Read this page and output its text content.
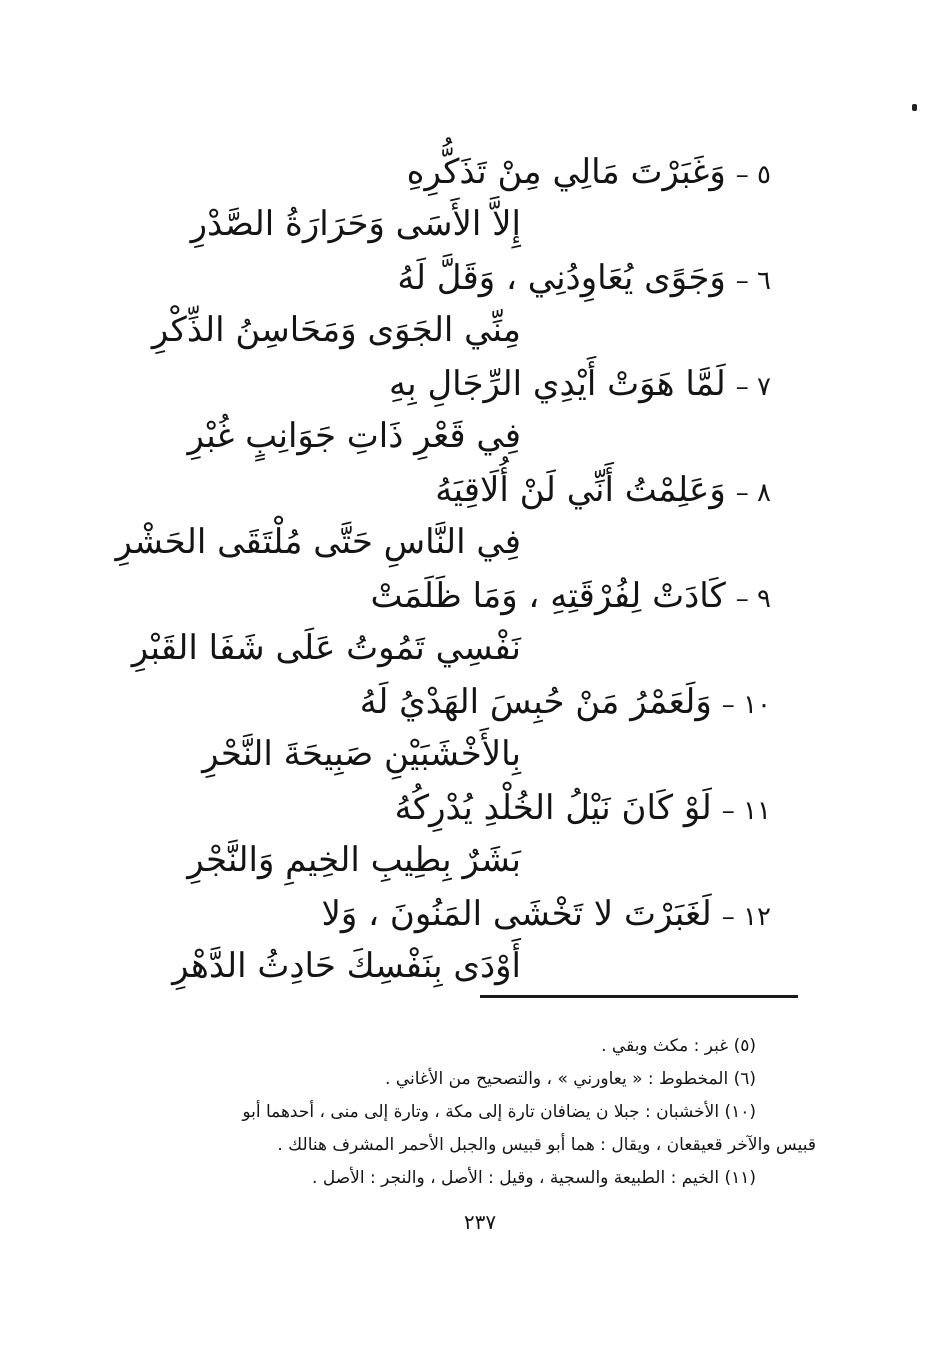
٥ –وَغَبَرْتَ مَالِي مِنْ تَذَكُّرِهِ
إِلاَّ الأَسَى وَحَرَارَةُ الصَّدْرِ
٦ –وَجَوًى يُعَاوِدُنِي ، وَقَلَّ لَهُ
مِنِّي الجَوَى وَمَحَاسِنُ الذِّكْرِ
٧ –لَمَّا هَوَتْ أَيْدِي الرِّجَالِ بِهِ
فِي قَعْرِ ذَاتِ جَوَانِبٍ غُبْرِ
٨ –وَعَلِمْتُ أَنِّي لَنْ أُلَاقِيَهُ
فِي النَّاسِ حَتَّى مُلْتَقَى الحَشْرِ
٩ –كَادَتْ لِفُرْقَتِهِ ، وَمَا ظَلَمَتْ
نَفْسِي تَمُوتُ عَلَى شَفَا القَبْرِ
١٠ –وَلَعَمْرُ مَنْ حُبِسَ الهَدْيُ لَهُ
بِالأَخْشَبَيْنِ صَبِيحَةَ النَّحْرِ
١١ –لَوْ كَانَ نَيْلُ الخُلْدِ يُدْرِكُهُ
بَشَرٌ بِطِيبِ الخِيمِ وَالنَّجْرِ
١٢ –لَغَبَرْتَ لا تَخْشَى المَنُونَ ، وَلا
أَوْدَى بِنَفْسِكَ حَادِثُ الدَّهْرِ
(٥) غبر : مكث وبقي .
(٦) المخطوط : « يعاورني » ، والتصحيح من الأغاني .
(١٠) الأخشبان : جبلا ن يضافان تارة إلى مكة ، وتارة إلى منى ، أحدهما أبو
قبيس والآخر قعيقعان ، ويقال : هما أبو قبيس والجبل الأحمر المشرف هنالك .
(١١) الخيم : الطبيعة والسجية ، وقيل : الأصل ، والنجر : الأصل .
٢٣٧
